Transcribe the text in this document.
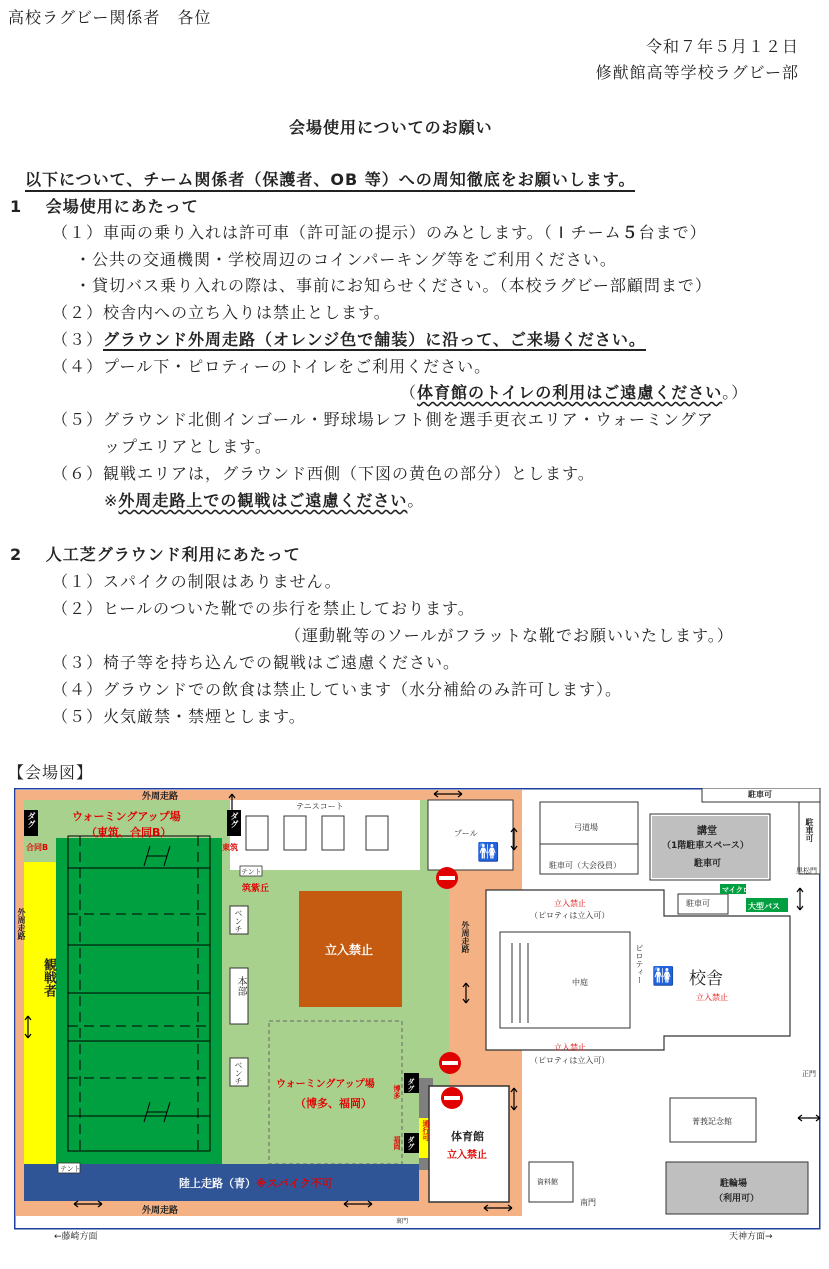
高校ラグビー関係者　各位
令和７年５月１２日
修猷館高等学校ラグビー部
会場使用についてのお願い
以下について、チーム関係者（保護者、OB 等）への周知徹底をお願いします。
1　 会場使用にあたって
（１）車両の乗り入れは許可車（許可証の提示）のみとします。（ I チーム５台まで）
・公共の交通機関・学校周辺のコインパーキング等をご利用ください。
・貸切バス乗り入れの際は、事前にお知らせください。（本校ラグビー部顧問まで）
（２）校舎内への立ち入りは禁止とします。
（３）グラウンド外周走路（オレンジ色で舗装）に沿って、ご来場ください。
（４）プール下・ピロティーのトイレをご利用ください。
（体育館のトイレの利用はご遠慮ください。）
（５）グラウンド北側インゴール・野球場レフト側を選手更衣エリア・ウォーミングア
ップエリアとします。
（６）観戦エリアは，グラウンド西側（下図の黄色の部分）とします。
※外周走路上での観戦はご遠慮ください。
2　 人工芝グラウンド利用にあたって
（１）スパイクの制限はありません。
（２）ヒールのついた靴での歩行を禁止しております。
（運動靴等のソールがフラットな靴でお願いいたします。）
（３）椅子等を持ち込んでの観戦はご遠慮ください。
（４）グラウンドでの飲食は禁止しています（水分補給のみ許可します）。
（５）火気厳禁・禁煙とします。
【会場図】
外周走路
ウォーミングアップ場
（東筑、合同B）
ダグ	ダグ
合同B	東筑
テニスコート
テント
筑紫丘
ベンチ
本部
ベンチ
立入禁止
観戦者
外周走路
ウォーミングアップ場
（博多、福岡）
博多
福岡
ダグ
ダグ
通行可
テント
陸上走路（青）※スパイク不可
外周走路
外周走路
プール
🚻
弓道場
駐車可（大会役員）
講堂
（1階駐車スペース）
駐車可
駐車可
駐車可
駐車可
マイクロ
大型バス
黒松門
立入禁止
（ピロティは立入可）
中庭	ピロティー 🚻 校舎
立入禁止
立入禁止
（ピロティは立入可）
正門
体育館
立入禁止
菁莪記念館
資料館
南門
駐輪場
（利用可）
←藤崎方面	天神方面→
裏門
